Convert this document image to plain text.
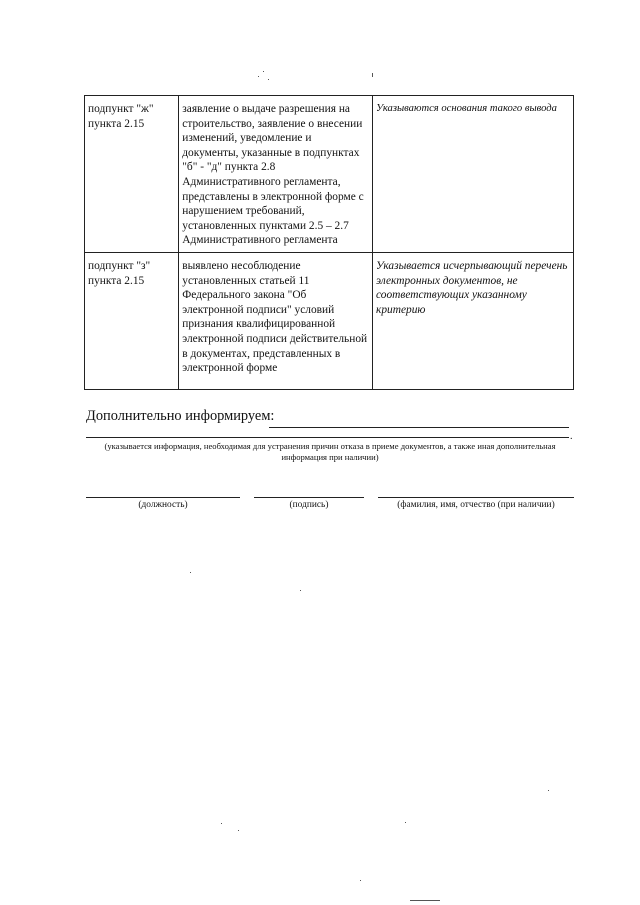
подпункт "ж" пункта 2.15	заявление о выдаче разрешения на строительство, заявление о внесении изменений, уведомление и документы, указанные в подпунктах "б" - "д" пункта 2.8 Административного регламента, представлены в электронной форме с нарушением требований, установленных пунктами 2.5 – 2.7 Административного регламента	Указываются основания такого вывода
подпункт "з" пункта 2.15	выявлено несоблюдение установленных статьей 11 Федерального закона "Об электронной подписи" условий признания квалифицированной электронной подписи действительной в документах, представленных в электронной форме	Указывается исчерпывающий перечень электронных документов, не соответствующих указанному критерию
Дополнительно информируем:
.
(указывается информация, необходимая для устранения причин отказа в приеме документов, а также иная дополнительная информация при наличии)
(должность)	(подпись)	(фамилия, имя, отчество (при наличии)
